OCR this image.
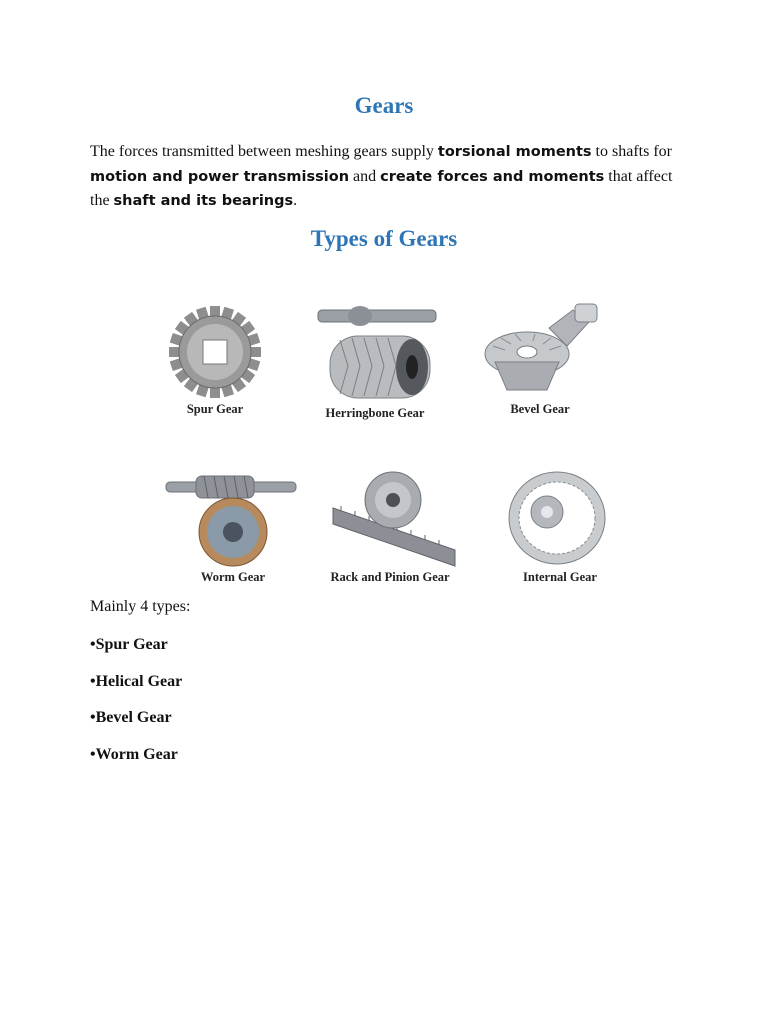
Gears
The forces transmitted between meshing gears supply torsional moments to shafts for motion and power transmission and create forces and moments that affect the shaft and its bearings.
Types of Gears
Spur Gear	Herringbone Gear	Bevel Gear
Worm Gear	Rack and Pinion Gear	Internal Gear
Mainly 4 types:
•Spur Gear
•Helical Gear
•Bevel Gear
•Worm Gear
